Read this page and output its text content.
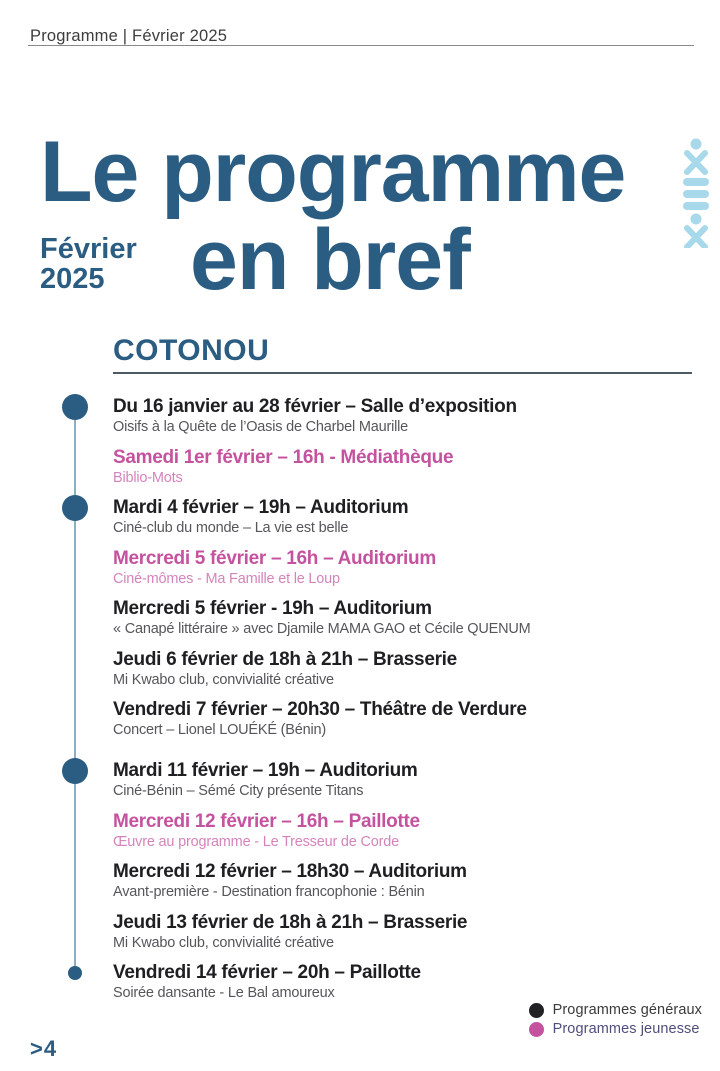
Programme | Février 2025
Le programme
Février
2025 en bref
COTONOU
Du 16 janvier au 28 février – Salle d’exposition
Oisifs à la Quête de l’Oasis de Charbel Maurille
Samedi 1er février – 16h - Médiathèque
Biblio-Mots
Mardi 4 février – 19h – Auditorium
Ciné-club du monde – La vie est belle
Mercredi 5 février – 16h – Auditorium
Ciné-mômes - Ma Famille et le Loup
Mercredi 5 février - 19h – Auditorium
« Canapé littéraire » avec Djamile MAMA GAO et Cécile QUENUM
Jeudi 6 février de 18h à 21h – Brasserie
Mi Kwabo club, convivialité créative
Vendredi 7 février – 20h30 – Théâtre de Verdure
Concert – Lionel LOUÉKÉ (Bénin)
Mardi 11 février – 19h – Auditorium
Ciné-Bénin – Sémé City présente Titans
Mercredi 12 février – 16h – Paillotte
Œuvre au programme - Le Tresseur de Corde
Mercredi 12 février – 18h30 – Auditorium
Avant-première - Destination francophonie : Bénin
Jeudi 13 février de 18h à 21h – Brasserie
Mi Kwabo club, convivialité créative
Vendredi 14 février – 20h – Paillotte
Soirée dansante - Le Bal amoureux
Programmes généraux
Programmes jeunesse
>4
